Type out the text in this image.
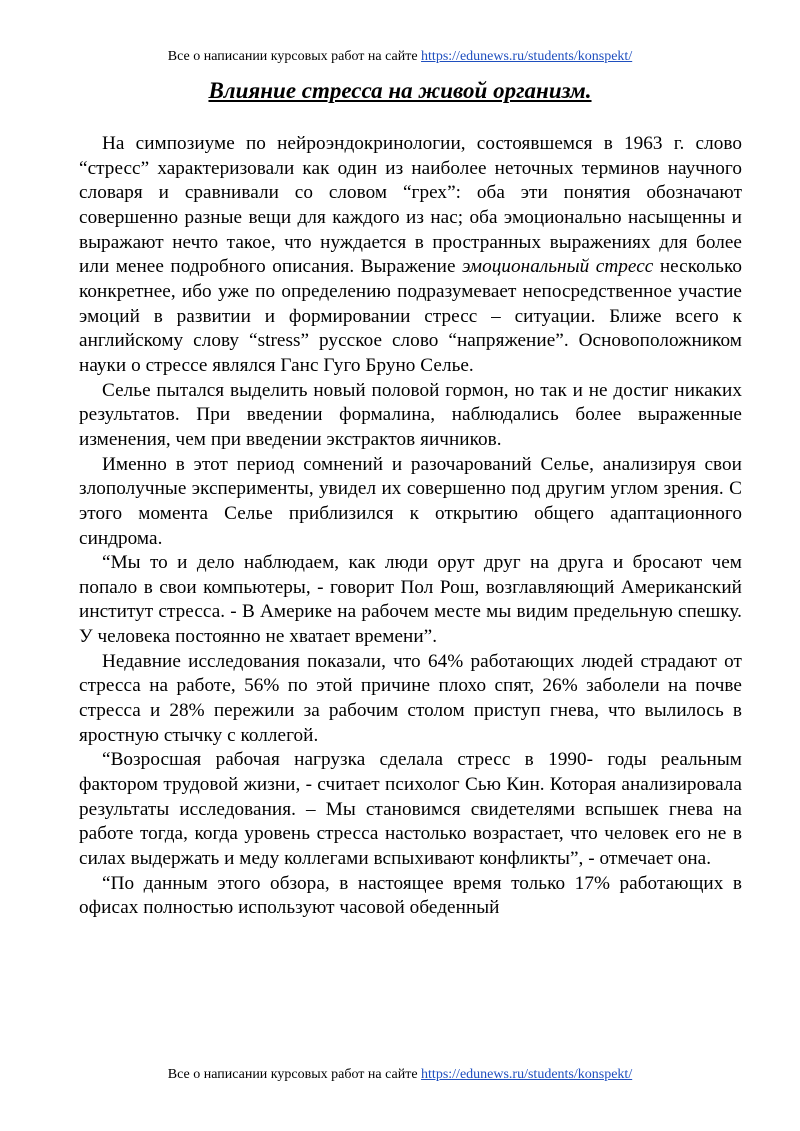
Все о написании курсовых работ на сайте https://edunews.ru/students/konspekt/
Влияние стресса на живой организм.

На симпозиуме по нейроэндокринологии, состоявшемся в 1963 г. слово “стресс” характеризовали как один из наиболее неточных терминов научного словаря и сравнивали со словом “грех”: оба эти понятия обозначают совершенно разные вещи для каждого из нас; оба эмоционально насыщенны и выражают нечто такое, что нуждается в пространных выражениях для более или менее подробного описания. Выражение эмоциональный стресс несколько конкретнее, ибо уже по определению подразумевает непосредственное участие эмоций в развитии и формировании стресс – ситуации. Ближе всего к английскому слову “stress” русское слово “напряжение”. Основоположником науки о стрессе являлся Ганс Гуго Бруно Селье.

Селье пытался выделить новый половой гормон, но так и не достиг никаких результатов. При введении формалина, наблюдались более выраженные изменения, чем при введении экстрактов яичников.

Именно в этот период сомнений и разочарований Селье, анализируя свои злополучные эксперименты, увидел их совершенно под другим углом зрения. С этого момента Селье приблизился к открытию общего адаптационного синдрома.

“Мы то и дело наблюдаем, как люди орут друг на друга и бросают чем попало в свои компьютеры, - говорит Пол Рош, возглавляющий Американский институт стресса. - В Америке на рабочем месте мы видим предельную спешку. У человека постоянно не хватает времени”.

Недавние исследования показали, что 64% работающих людей страдают от стресса на работе, 56% по этой причине плохо спят, 26% заболели на почве стресса и 28% пережили за рабочим столом приступ гнева, что вылилось в яростную стычку с коллегой.

“Возросшая рабочая нагрузка сделала стресс в 1990- годы реальным фактором трудовой жизни, - считает психолог Сью Кин. Которая анализировала результаты исследования. – Мы становимся свидетелями вспышек гнева на работе тогда, когда уровень стресса настолько возрастает, что человек его не в силах выдержать и меду коллегами вспыхивают конфликты”, - отмечает она.

“По данным этого обзора, в настоящее время только 17% работающих в офисах полностью используют часовой обеденный

Все о написании курсовых работ на сайте https://edunews.ru/students/konspekt/
